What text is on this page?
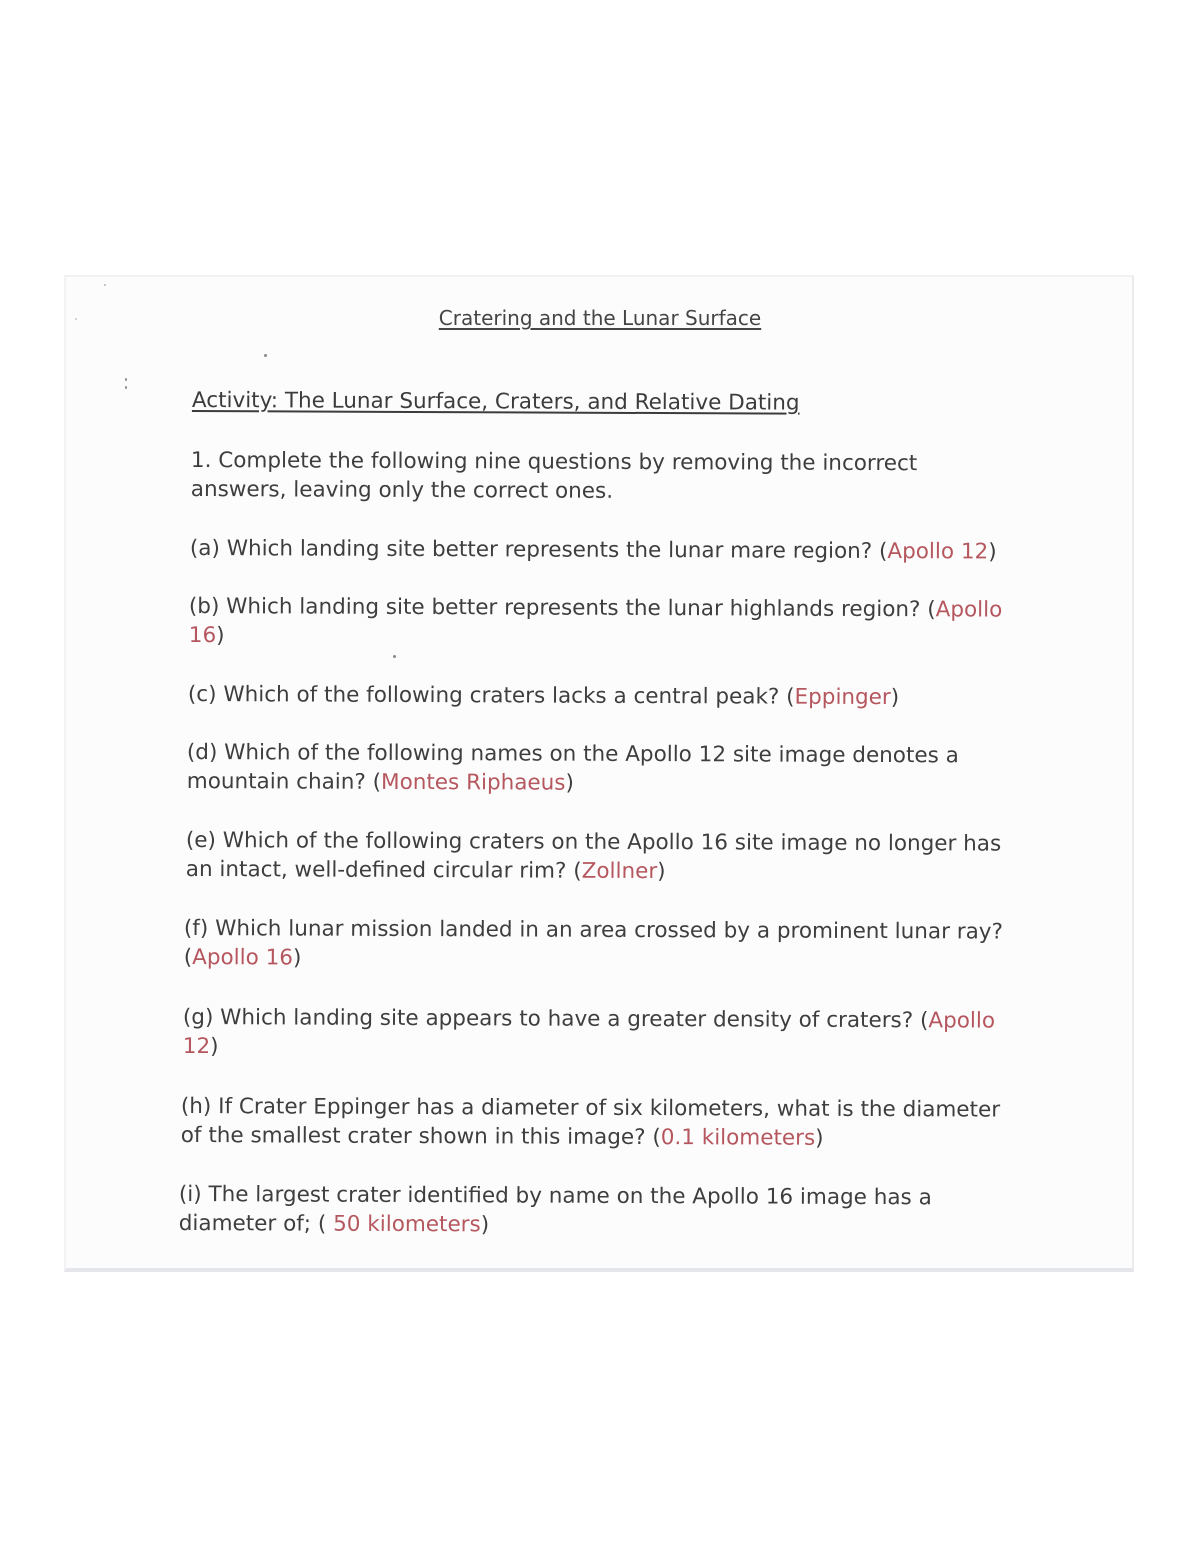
Cratering and the Lunar Surface
Activity: The Lunar Surface, Craters, and Relative Dating
1. Complete the following nine questions by removing the incorrect answers, leaving only the correct ones.
(a) Which landing site better represents the lunar mare region? (Apollo 12)
(b) Which landing site better represents the lunar highlands region? (Apollo 16)
(c) Which of the following craters lacks a central peak? (Eppinger)
(d) Which of the following names on the Apollo 12 site image denotes a mountain chain? (Montes Riphaeus)
(e) Which of the following craters on the Apollo 16 site image no longer has an intact, well-defined circular rim? (Zollner)
(f) Which lunar mission landed in an area crossed by a prominent lunar ray? (Apollo 16)
(g) Which landing site appears to have a greater density of craters? (Apollo 12)
(h) If Crater Eppinger has a diameter of six kilometers, what is the diameter of the smallest crater shown in this image? (0.1 kilometers)
(i) The largest crater identified by name on the Apollo 16 image has a diameter of; ( 50 kilometers)
